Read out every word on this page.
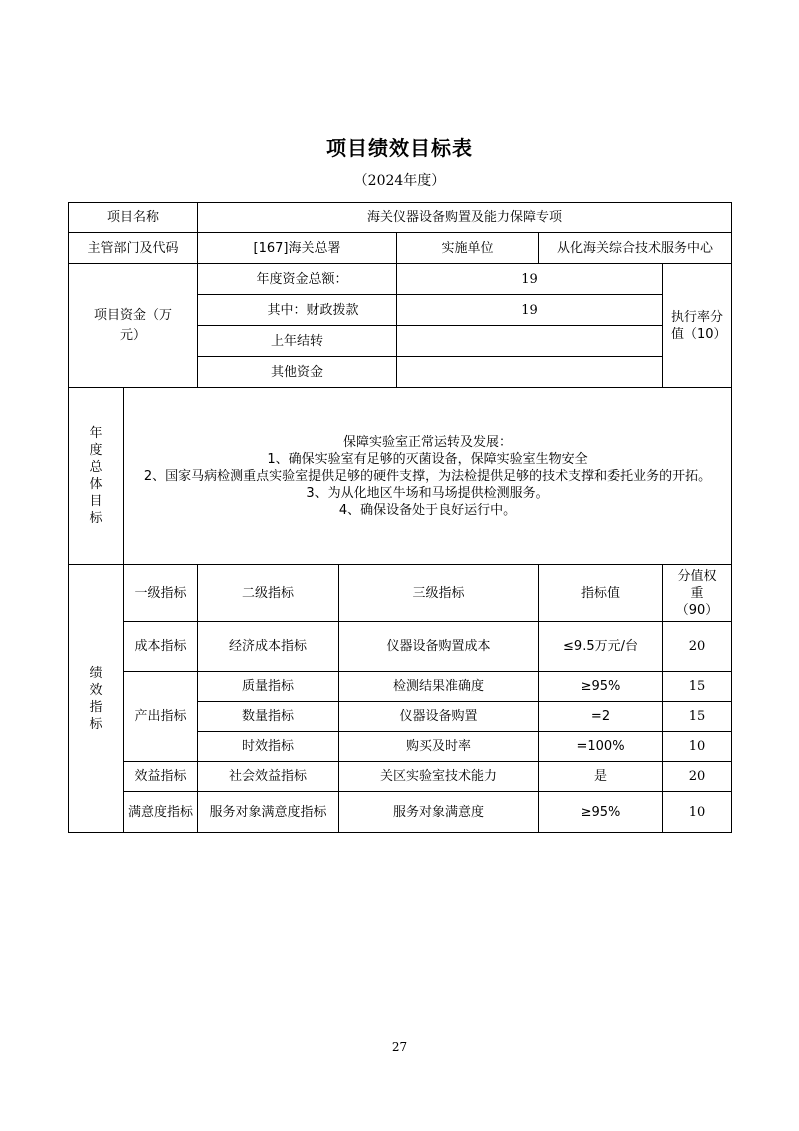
项目绩效目标表
（2024年度）
项目名称		海关仪器设备购置及能力保障专项				
主管部门及代码		[167]海关总署		实施单位	从化海关综合技术服务中心	
项目资金（万元）		年度资金总额：		19		执行率分值（10）
		其中：财政拨款		19		
		上年结转				
		其他资金				
年度总体目标	保障实验室正常运转及发展：
1、确保实验室有足够的灭菌设备，保障实验室生物安全
2、国家马病检测重点实验室提供足够的硬件支撑，为法检提供足够的技术支撑和委托业务的开拓。
3、为从化地区牛场和马场提供检测服务。
4、确保设备处于良好运行中。					

绩效指标	一级指标	二级指标	三级指标		指标值	分值权重（90）
	成本指标	经济成本指标	仪器设备购置成本		≤9.5万元/台	20
	产出指标	质量指标	检测结果准确度		≥95%	15
		数量指标	仪器设备购置		=2	15
		时效指标	购买及时率		=100%	10
	效益指标	社会效益指标	关区实验室技术能力		是	20
	满意度指标	服务对象满意度指标	服务对象满意度		≥95%	10
27
